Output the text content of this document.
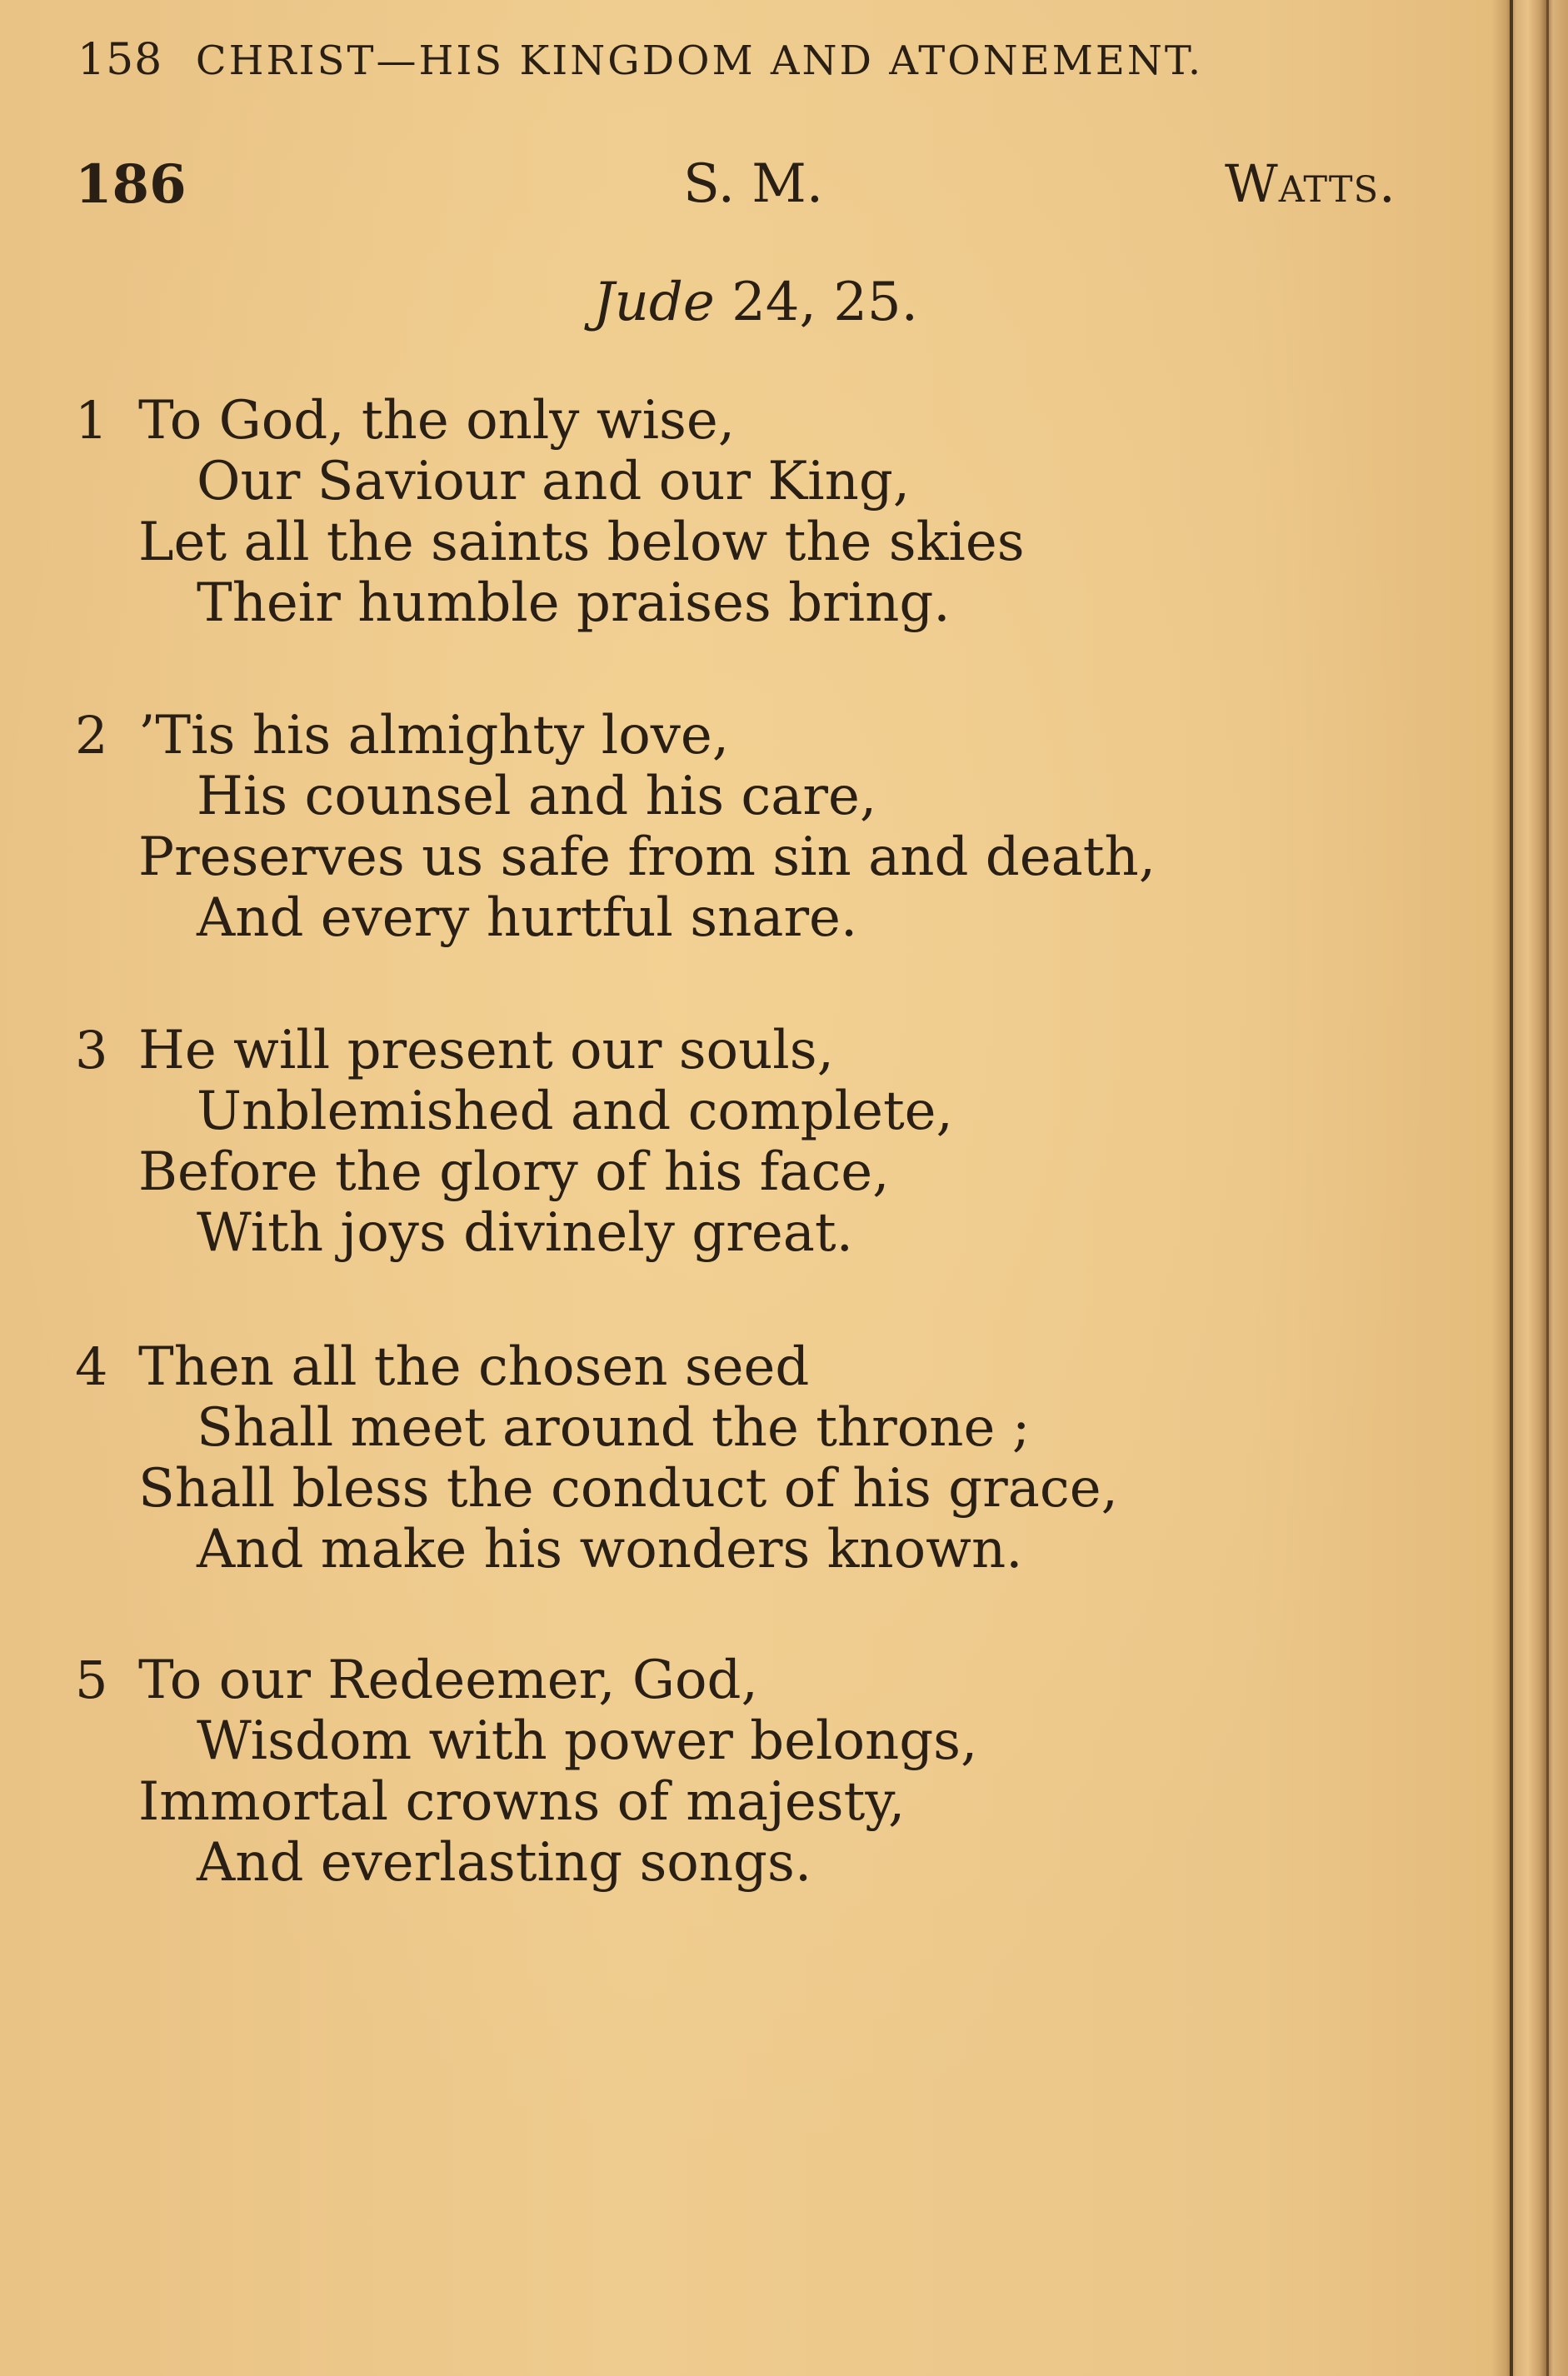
158 CHRIST—HIS KINGDOM AND ATONEMENT.
186	S. M.	Watts.
Jude 24, 25.
1 To God, the only wise,
Our Saviour and our King,
Let all the saints below the skies
Their humble praises bring.
2 ’Tis his almighty love,
His counsel and his care,
Preserves us safe from sin and death,
And every hurtful snare.
3 He will present our souls,
Unblemished and complete,
Before the glory of his face,
With joys divinely great.
4 Then all the chosen seed
Shall meet around the throne ;
Shall bless the conduct of his grace,
And make his wonders known.
5 To our Redeemer, God,
Wisdom with power belongs,
Immortal crowns of majesty,
And everlasting songs.
